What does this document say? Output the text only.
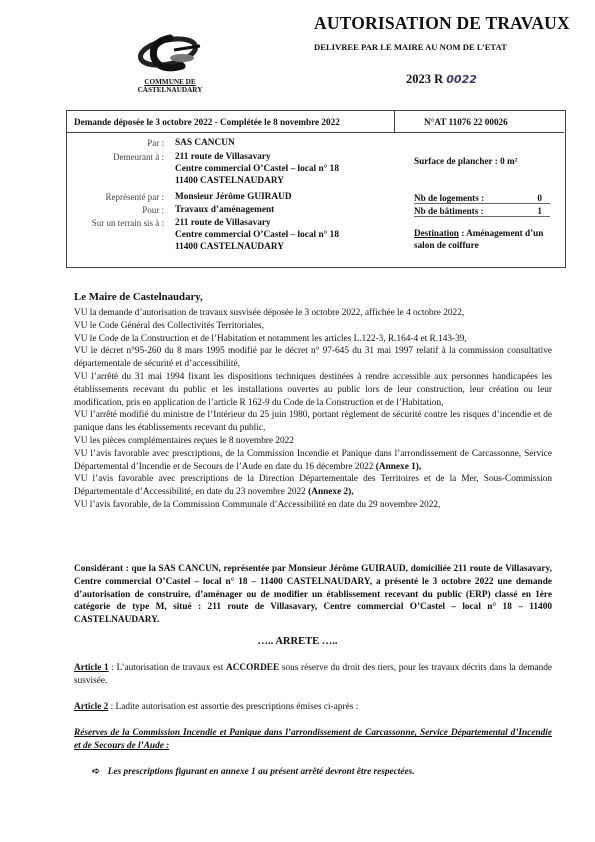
COMMUNE DE
CASTELNAUDARY
AUTORISATION DE TRAVAUX
DELIVREE PAR LE MAIRE AU NOM DE L’ETAT
2023 R 0022
Demande déposée le 3 octobre 2022 - Complétée le 8 novembre 2022	N°AT 11076 22 00026
Par : SAS CANCUN
Demeurant à : 211 route de Villasavary
Centre commercial O’Castel – local n° 18
11400 CASTELNAUDARY
Représenté par : Monsieur Jérôme GUIRAUD
Pour : Travaux d’aménagement
Sur un terrain sis à : 211 route de Villasavary
Centre commercial O’Castel – local n° 18
11400 CASTELNAUDARY
Surface de plancher : 0 m²
Nb de logements :	0
Nb de bâtiments :	1
Destination : Aménagement d’un salon de coiffure
Le Maire de Castelnaudary,
VU la demande d’autorisation de travaux susvisée déposée le 3 octobre 2022, affichée le 4 octobre 2022,
VU le Code Général des Collectivités Territoriales,
VU le Code de la Construction et de l’Habitation et notamment les articles L.122-3, R.164-4 et R.143-39,
VU le décret n°95-260 du 8 mars 1995 modifié par le décret n° 97-645 du 31 mai 1997 relatif à la commission consultative départementale de sécurité et d’accessibilité,
VU l’arrêté du 31 mai 1994 fixant les dispositions techniques destinées à rendre accessible aux personnes handicapées les établissements recevant du public et les installations ouvertes au public lors de leur construction, leur création ou leur modification, pris en application de l’article R 162-9 du Code de la Construction et de l’Habitation,
VU l’arrêté modifié du ministre de l’Intérieur du 25 juin 1980, portant règlement de sécurité contre les risques d’incendie et de panique dans les établissements recevant du public,
VU les pièces complémentaires reçues le 8 novembre 2022
VU l’avis favorable avec prescriptions, de la Commission Incendie et Panique dans l’arrondissement de Carcassonne, Service Départemental d’Incendie et de Secours de l’Aude en date du 16 décembre 2022 (Annexe 1),
VU l’avis favorable avec prescriptions de la Direction Départementale des Territoires et de la Mer, Sous-Commission Départementale d’Accessibilité, en date du 23 novembre 2022 (Annexe 2),
VU l’avis favorable, de la Commission Communale d’Accessibilité en date du 29 novembre 2022,
Considérant : que la SAS CANCUN, représentée par Monsieur Jérôme GUIRAUD, domiciliée 211 route de Villasavary, Centre commercial O’Castel – local n° 18 – 11400 CASTELNAUDARY, a présenté le 3 octobre 2022 une demande d’autorisation de construire, d’aménager ou de modifier un établissement recevant du public (ERP) classé en 1ère catégorie de type M, situé : 211 route de Villasavary, Centre commercial O’Castel – local n° 18 – 11400 CASTELNAUDARY.
….. ARRETE …..
Article 1 : L’autorisation de travaux est ACCORDEE sous réserve du droit des tiers, pour les travaux décrits dans la demande susvisée.
Article 2 : Ladite autorisation est assortie des prescriptions émises ci-après :
Réserves de la Commission Incendie et Panique dans l’arrondissement de Carcassonne, Service Départemental d’Incendie et de Secours de l’Aude :
➪ Les prescriptions figurant en annexe 1 au présent arrêté devront être respectées.
